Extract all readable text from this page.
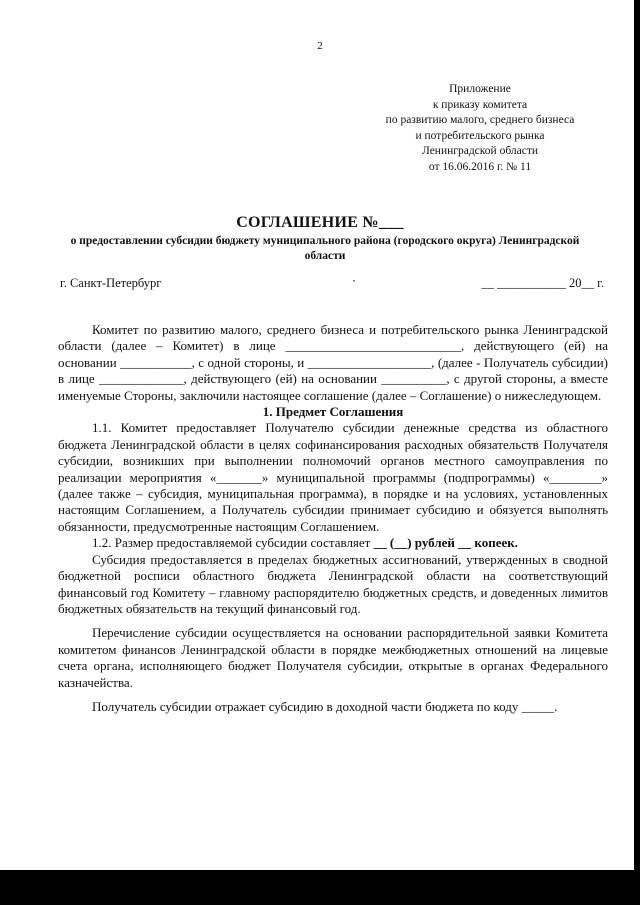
2
Приложение
к приказу комитета
по развитию малого, среднего бизнеса
и потребительского рынка
Ленинградской области
от 16.06.2016 г. № 11
СОГЛАШЕНИЕ №___
о предоставлении субсидии бюджету муниципального района (городского округа) Ленинградской области
г. Санкт-Петербург	·	__ ___________ 20__ г.

Комитет по развитию малого, среднего бизнеса и потребительского рынка Ленинградской области (далее – Комитет) в лице ___________________________, действующего (ей) на основании ___________, с одной стороны, и ___________________, (далее - Получатель субсидии) в лице _____________, действующего (ей) на основании __________, с другой стороны, а вместе именуемые Стороны, заключили настоящее соглашение (далее – Соглашение) о нижеследующем.

1. Предмет Соглашения

1.1. Комитет предоставляет Получателю субсидии денежные средства из областного бюджета Ленинградской области в целях софинансирования расходных обязательств Получателя субсидии, возникших при выполнении полномочий органов местного самоуправления по реализации мероприятия «_______» муниципальной программы (подпрограммы) «________» (далее также – субсидия, муниципальная программа), в порядке и на условиях, установленных настоящим Соглашением, а Получатель субсидии принимает субсидию и обязуется выполнять обязанности, предусмотренные настоящим Соглашением.

1.2. Размер предоставляемой субсидии составляет __ (__) рублей __ копеек.

Субсидия предоставляется в пределах бюджетных ассигнований, утвержденных в сводной бюджетной росписи областного бюджета Ленинградской области на соответствующий финансовый год Комитету – главному распорядителю бюджетных средств, и доведенных лимитов бюджетных обязательств на текущий финансовый год.

Перечисление субсидии осуществляется на основании распорядительной заявки Комитета комитетом финансов Ленинградской области в порядке межбюджетных отношений на лицевые счета органа, исполняющего бюджет Получателя субсидии, открытые в органах Федерального казначейства.

Получатель субсидии отражает субсидию в доходной части бюджета по коду _____.
